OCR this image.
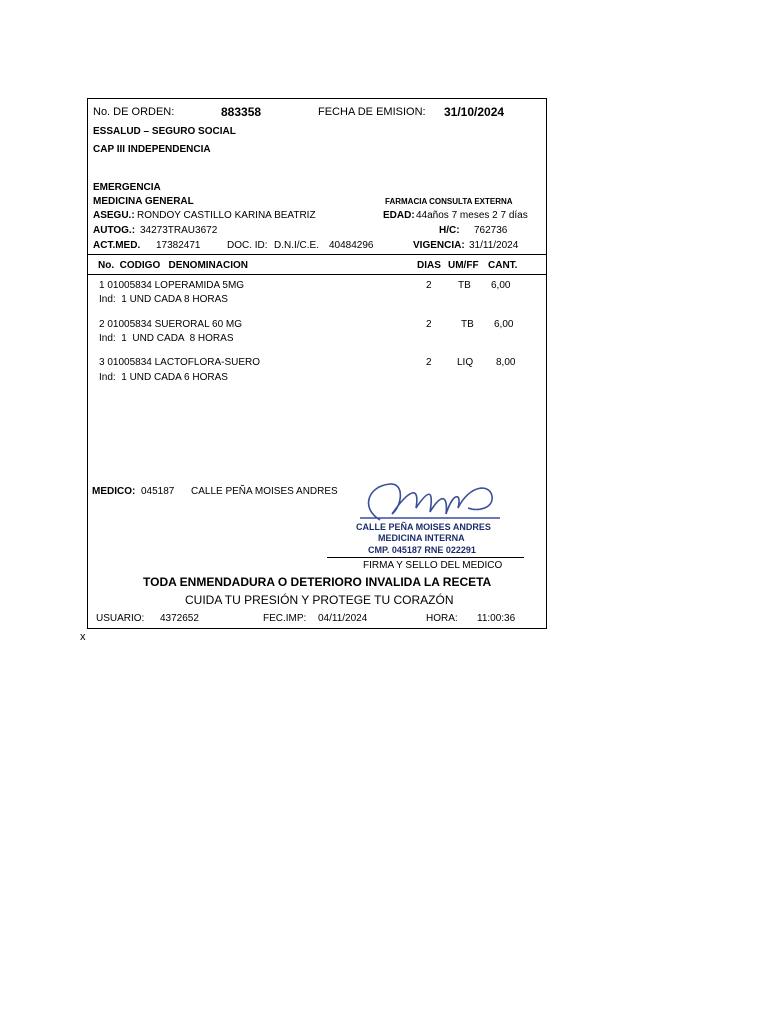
No. DE ORDEN:	883358	FECHA DE EMISION: 31/10/2024
ESSALUD – SEGURO SOCIAL
CAP III INDEPENDENCIA
EMERGENCIA
MEDICINA GENERAL	FARMACIA CONSULTA EXTERNA
ASEGU.: RONDOY CASTILLO KARINA BEATRIZ	EDAD: 44años 7 meses 2 7 días
AUTOG.: 34273TRAU3672	H/C: 762736
ACT.MED. 17382471	DOC. ID: D.N.I/C.E. 40484296	VIGENCIA: 31/11/2024
No.  CODIGO   DENOMINACION	DIAS UM/FF CANT.
1 01005834 LOPERAMIDA 5MG	2	TB 6,00
Ind:  1 UND CADA 8 HORAS
2 01005834 SUERORAL 60 MG	2	TB 6,00
Ind:  1  UND CADA  8 HORAS
3 01005834 LACTOFLORA-SUERO	2	LIQ 8,00
Ind:  1 UND CADA 6 HORAS
MEDICO: 045187 CALLE PEÑA MOISES ANDRES
CALLE PEÑA MOISES ANDRES
MEDICINA INTERNA
CMP. 045187 RNE 022291
FIRMA Y SELLO DEL MEDICO
TODA ENMENDADURA O DETERIORO INVALIDA LA RECETA
CUIDA TU PRESIÓN Y PROTEGE TU CORAZÓN
USUARIO: 4372652	FEC.IMP: 04/11/2024	HORA: 11:00:36
x
